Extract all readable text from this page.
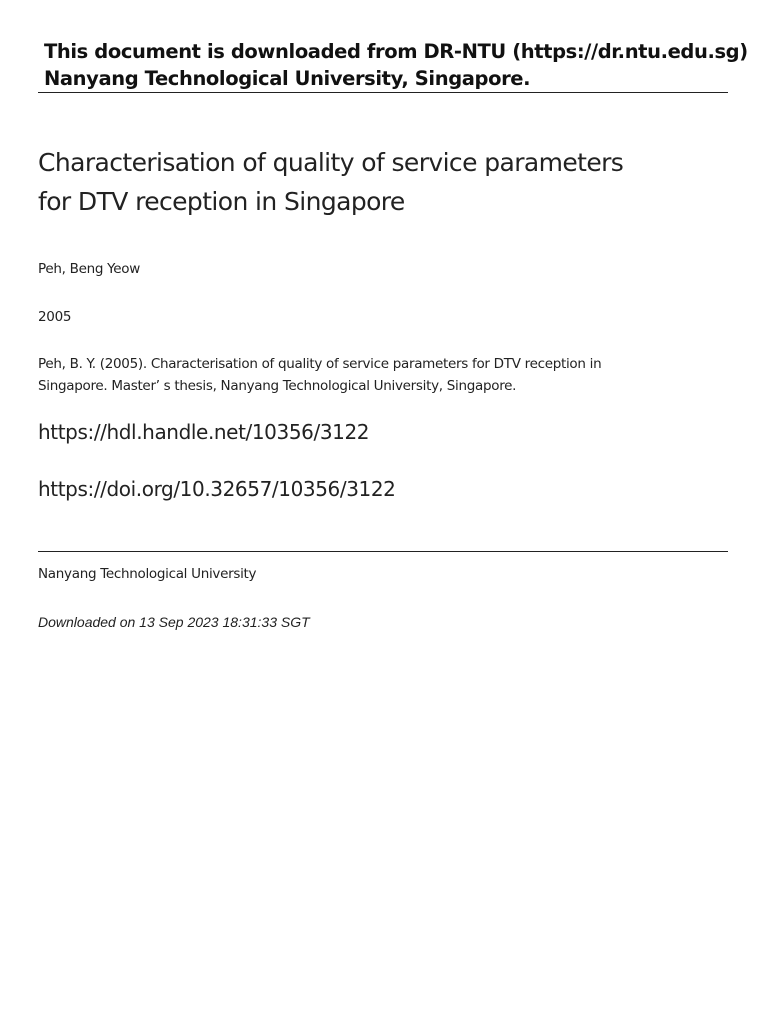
This document is downloaded from DR‑NTU (https://dr.ntu.edu.sg)
Nanyang Technological University, Singapore.
Characterisation of quality of service parameters
for DTV reception in Singapore
Peh, Beng Yeow
2005
Peh, B. Y. (2005). Characterisation of quality of service parameters for DTV reception in
Singapore. Master’ s thesis, Nanyang Technological University, Singapore.
https://hdl.handle.net/10356/3122
https://doi.org/10.32657/10356/3122
Nanyang Technological University
Downloaded on 13 Sep 2023 18:31:33 SGT
